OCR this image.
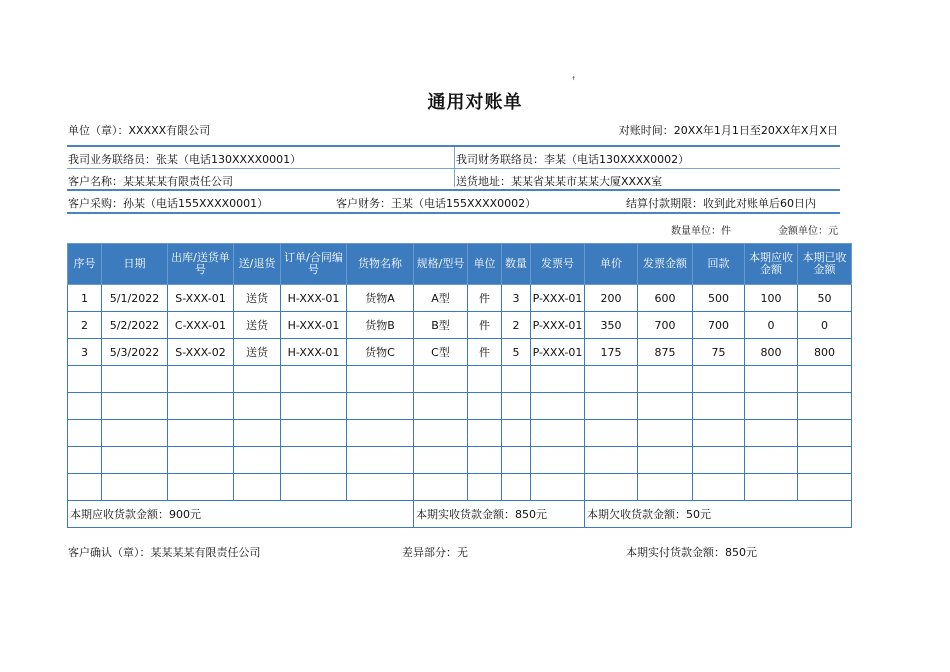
通用对账单
ꜛ
单位（章）：XXXXX有限公司	对账时间：20XX年1月1日至20XX年X月X日
我司业务联络员：张某（电话130XXXX0001）	我司财务联络员：李某（电话130XXXX0002）
客户名称：某某某某有限责任公司	送货地址：某某省某某市某某大厦XXXX室
客户采购：孙某（电话155XXXX0001）	客户财务：王某（电话155XXXX0002）	结算付款期限：收到此对账单后60日内
数量单位：件	金额单位：元
序号	日期	出库/送货单号	送/退货	订单/合同编号	货物名称	规格/型号	单位	数量	发票号	单价	发票金额	回款	本期应收金额	本期已收金额
1	5/1/2022	S-XXX-01	送货	H-XXX-01	货物A	A型	件	3	P-XXX-01	200	600	500	100	50
2	5/2/2022	C-XXX-01	送货	H-XXX-01	货物B	B型	件	2	P-XXX-01	350	700	700	0	0
3	5/3/2022	S-XXX-02	送货	H-XXX-01	货物C	C型	件	5	P-XXX-01	175	875	75	800	800

本期应收货款金额：900元						本期实收货款金额：850元				本期欠收货款金额：50元				
客户确认（章）：某某某某有限责任公司	差异部分：无	本期实付货款金额：850元
